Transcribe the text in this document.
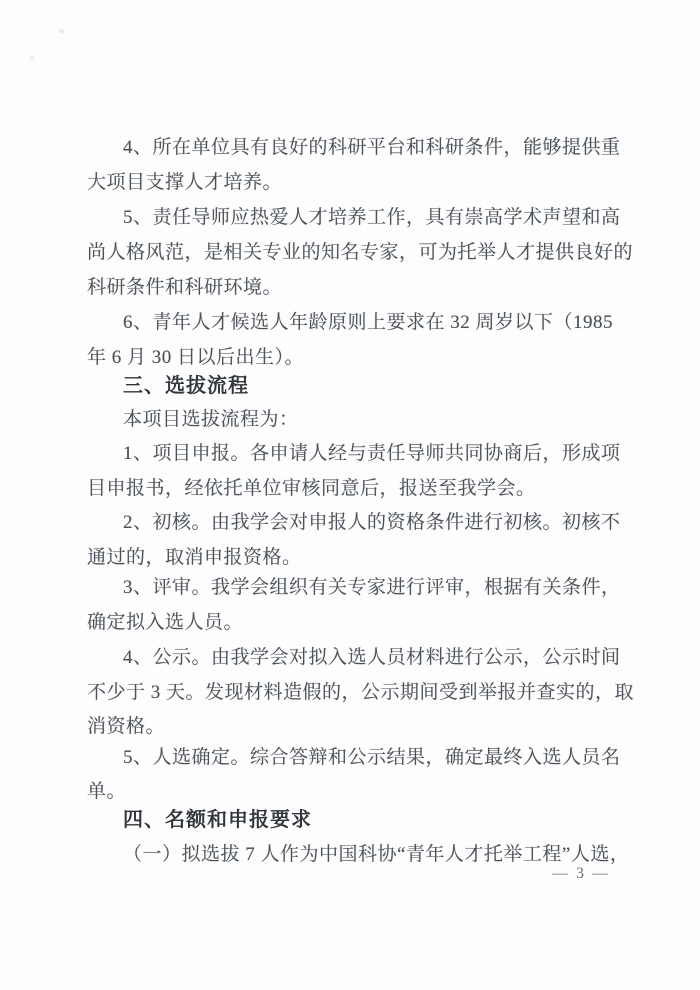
4、所在单位具有良好的科研平台和科研条件，能够提供重
大项目支撑人才培养。
5、责任导师应热爱人才培养工作，具有崇高学术声望和高
尚人格风范，是相关专业的知名专家，可为托举人才提供良好的
科研条件和科研环境。
6、青年人才候选人年龄原则上要求在 32 周岁以下（1985
年 6 月 30 日以后出生）。
三、选拔流程
本项目选拔流程为：
1、项目申报。各申请人经与责任导师共同协商后，形成项
目申报书，经依托单位审核同意后，报送至我学会。
2、初核。由我学会对申报人的资格条件进行初核。初核不
通过的，取消申报资格。
3、评审。我学会组织有关专家进行评审，根据有关条件，
确定拟入选人员。
4、公示。由我学会对拟入选人员材料进行公示，公示时间
不少于 3 天。发现材料造假的，公示期间受到举报并查实的，取
消资格。
5、人选确定。综合答辩和公示结果，确定最终入选人员名
单。
四、名额和申报要求
（一）拟选拔 7 人作为中国科协“青年人才托举工程”人选，
— 3 —
